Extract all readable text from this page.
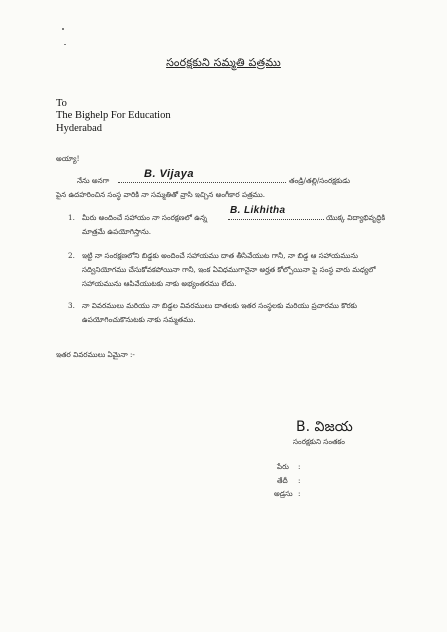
సంరక్షకుని సమ్మతి పత్రము
To
The Bighelp For Education
Hyderabad
అయ్యా!
నేను అనగా
B. Vijaya
తండ్రి/తల్లి/సంరక్షకుడు
పైన ఉదహరించిన సంస్థ వారికి నా సమ్మతితో వ్రాసి ఇచ్చిన అంగీకార పత్రము.
1. మీరు అందించే సహాయం నా సంరక్షణలో ఉన్న
B. Likhitha
యొక్క విద్యాభివృద్ధికి
మాత్రమే ఉపయోగిస్తాను.
2. ఇట్టి నా సంరక్షణలోని బిడ్డకు అందించే సహాయము దాత తీసివేయుట గానీ, నా బిడ్డ ఆ సహాయమును
సద్వినియోగము చేసుకోవకపోయినా గానీ, ఇంక ఏవిధముగానైనా అర్హత కోల్పోయినా పై సంస్థ వారు మధ్యలో
సహాయమును ఆపివేయుటకు నాకు అభ్యంతరము లేదు.
3. నా వివరములు మరియు నా బిడ్డల వివరములు దాతలకు ఇతర సంస్థలకు మరియు ప్రచారము కొరకు
ఉపయోగించుకొనుటకు నాకు సమ్మతము.
ఇతర వివరములు ఏమైనా :-
B. విజయ
సంరక్షకుని సంతకం
పేరు :
తేదీ :
అడ్రసు :
